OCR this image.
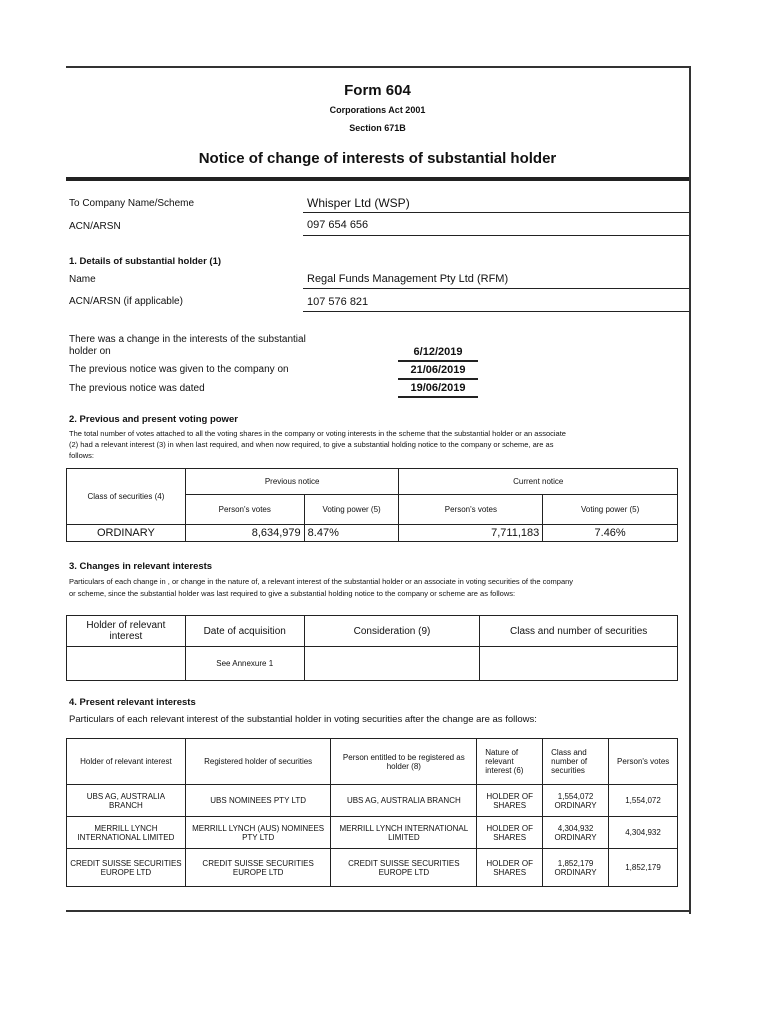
Form 604
Corporations Act 2001
Section 671B
Notice of change of interests of substantial holder
To Company Name/Scheme	Whisper Ltd (WSP)
ACN/ARSN	097 654 656
1. Details of substantial holder (1)
Name	Regal Funds Management Pty Ltd (RFM)
ACN/ARSN (if applicable)	107 576 821
There was a change in the interests of the substantial
holder on	6/12/2019
The previous notice was given to the company on	21/06/2019
The previous notice was dated	19/06/2019
2. Previous and present voting power
The total number of votes attached to all the voting shares in the company or voting interests in the scheme that the substantial holder or an associate
(2) had a relevant interest (3) in when last required, and when now required, to give a substantial holding notice to the company or scheme, are as
follows:
Class of securities (4)	Previous notice		Current notice	
	Person's votes	Voting power (5)	Person's votes	Voting power (5)
ORDINARY	8,634,979	8.47%	7,711,183	7.46%
3. Changes in relevant interests
Particulars of each change in , or change in the nature of, a relevant interest of the substantial holder or an associate in voting securities of the company
or scheme, since the substantial holder was last required to give a substantial holding notice to the company or scheme are as follows:
Holder of relevant interest	Date of acquisition	Consideration (9)	Class and number of securities
	See Annexure 1		
4. Present relevant interests
Particulars of each relevant interest of the substantial holder in voting securities after the change are as follows:
Holder of relevant interest	Registered holder of securities	Person entitled to be registered as holder (8)	Nature of relevant interest (6)	Class and number of securities	Person's votes
UBS AG, AUSTRALIA BRANCH	UBS NOMINEES PTY LTD	UBS AG, AUSTRALIA BRANCH	HOLDER OF SHARES	1,554,072 ORDINARY	1,554,072
MERRILL LYNCH INTERNATIONAL LIMITED	MERRILL LYNCH (AUS) NOMINEES PTY LTD	MERRILL LYNCH INTERNATIONAL LIMITED	HOLDER OF SHARES	4,304,932 ORDINARY	4,304,932
CREDIT SUISSE SECURITIES EUROPE LTD	CREDIT SUISSE SECURITIES EUROPE LTD	CREDIT SUISSE SECURITIES EUROPE LTD	HOLDER OF SHARES	1,852,179 ORDINARY	1,852,179
